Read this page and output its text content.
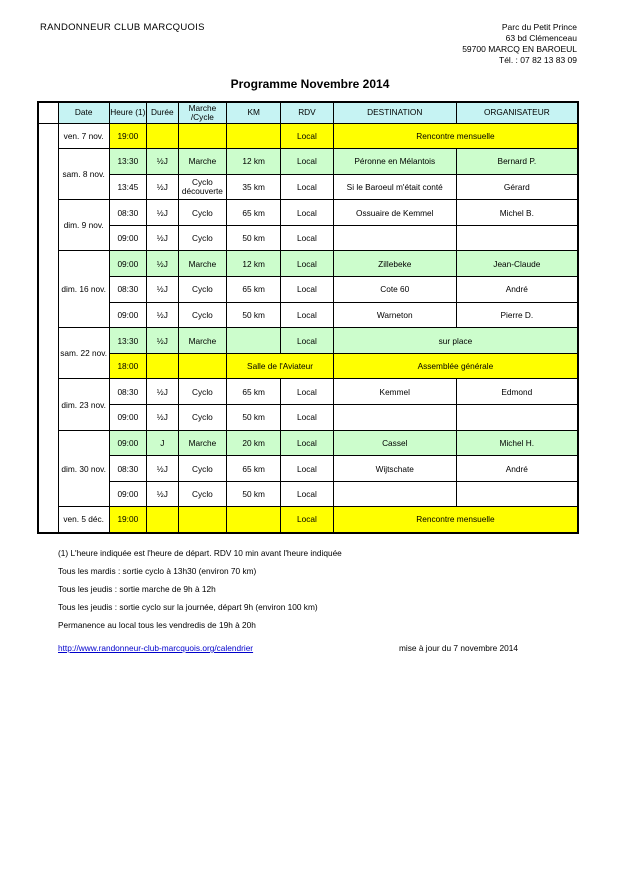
RANDONNEUR CLUB MARCQUOIS	Parc du Petit Prince
63 bd Clémenceau
59700 MARCQ EN BAROEUL
Tél. : 07 82 13 83 09
Programme Novembre 2014
	Date	Heure (1)	Durée	Marche /Cycle	KM	RDV	DESTINATION	ORGANISATEUR
	ven. 7 nov.	19:00				Local	Rencontre mensuelle	
	sam. 8 nov.	13:30	½J	Marche	12 km	Local	Péronne en Mélantois	Bernard P.
		13:45	½J	Cyclo découverte	35 km	Local	Si le Baroeul m'était conté	Gérard
	dim. 9 nov.	08:30	½J	Cyclo	65 km	Local	Ossuaire de Kemmel	Michel B.
		09:00	½J	Cyclo	50 km	Local		
	dim. 16 nov.	09:00	½J	Marche	12 km	Local	Zillebeke	Jean-Claude
		08:30	½J	Cyclo	65 km	Local	Cote 60	André
		09:00	½J	Cyclo	50 km	Local	Warneton	Pierre D.
	sam. 22 nov.	13:30	½J	Marche		Local	sur place	
		18:00			Salle de l'Aviateur		Assemblée générale	
	dim. 23 nov.	08:30	½J	Cyclo	65 km	Local	Kemmel	Edmond
		09:00	½J	Cyclo	50 km	Local		
	dim. 30 nov.	09:00	J	Marche	20 km	Local	Cassel	Michel H.
		08:30	½J	Cyclo	65 km	Local	Wijtschate	André
		09:00	½J	Cyclo	50 km	Local		
	ven. 5 déc.	19:00				Local	Rencontre mensuelle	
(1) L'heure indiquée est l'heure de départ. RDV 10 min avant l'heure indiquée
Tous les mardis : sortie cyclo à 13h30 (environ 70 km)
Tous les jeudis : sortie marche de 9h à 12h
Tous les jeudis : sortie cyclo sur la journée, départ 9h (environ 100 km)
Permanence au local tous les vendredis de 19h à 20h
http://www.randonneur-club-marcquois.org/calendrier	mise à jour du 7 novembre 2014
